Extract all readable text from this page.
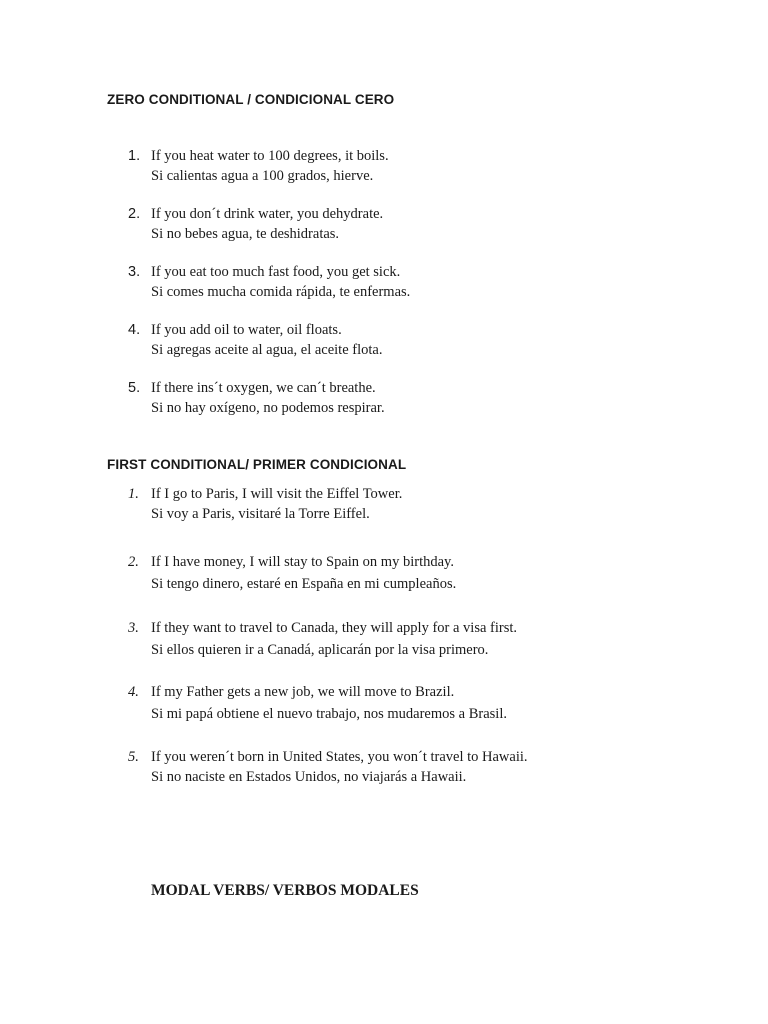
ZERO CONDITIONAL / CONDICIONAL CERO
1. If you heat water to 100 degrees, it boils.
Si calientas agua a 100 grados, hierve.
2. If you don´t drink water, you dehydrate.
Si no bebes agua, te deshidratas.
3. If you eat too much fast food, you get sick.
Si comes mucha comida rápida, te enfermas.
4. If you add oil to water, oil floats.
Si agregas aceite al agua, el aceite flota.
5. If there ins´t oxygen, we can´t breathe.
Si no hay oxígeno, no podemos respirar.
FIRST CONDITIONAL/ PRIMER CONDICIONAL
1. If I go to Paris, I will visit the Eiffel Tower.
Si voy a Paris, visitaré la Torre Eiffel.
2. If I have money, I will stay to Spain on my birthday.
Si tengo dinero, estaré en España en mi cumpleaños.
3. If they want to travel to Canada, they will apply for a visa first.
Si ellos quieren ir a Canadá, aplicarán por la visa primero.
4. If my Father gets a new job, we will move to Brazil.
Si mi papá obtiene el nuevo trabajo, nos mudaremos a Brasil.
5. If you weren´t born in United States, you won´t travel to Hawaii.
Si no naciste en Estados Unidos, no viajarás a Hawaii.
MODAL VERBS/ VERBOS MODALES
